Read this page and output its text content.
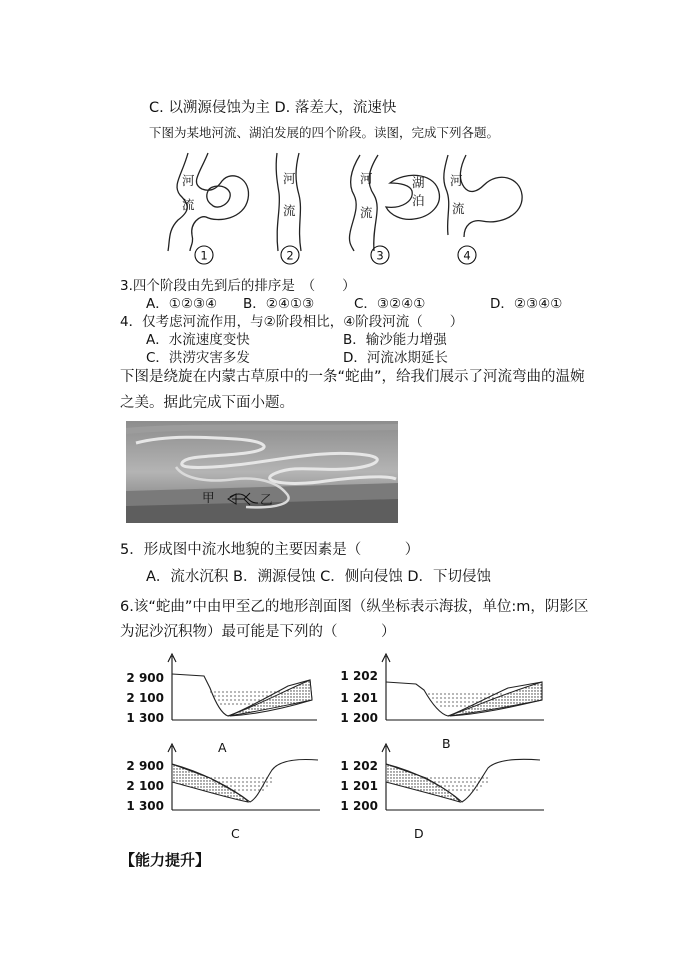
C. 以溯源侵蚀为主 D. 落差大，流速快
下图为某地河流、湖泊发展的四个阶段。读图，完成下列各题。
河
流
河
流
河
流
湖
泊
河
流
1	2	3	4
3.四个阶段由先到后的排序是　（　　）
A．①②③④ B．②④①③	C．③②④①	D．②③④①
4．仅考虑河流作用，与②阶段相比，④阶段河流（　　）
A．水流速度变快	B．输沙能力增强
C．洪涝灾害多发	D．河流冰期延长
下图是绕旋在内蒙古草原中的一条“蛇曲”，给我们展示了河流弯曲的温婉
之美。据此完成下面小题。
甲	乙
5．形成图中流水地貌的主要因素是（　　　）
A．流水沉积 B．溯源侵蚀 C．侧向侵蚀 D．下切侵蚀
6.该“蛇曲”中由甲至乙的地形剖面图（纵坐标表示海拔，单位:m，阴影区
为泥沙沉积物）最可能是下列的（　　　）
2 900
2 100
1 300
A
1 202
1 201
1 200
B
2 900
2 100
1 300
C
1 202
1 201
1 200
D
【能力提升】
